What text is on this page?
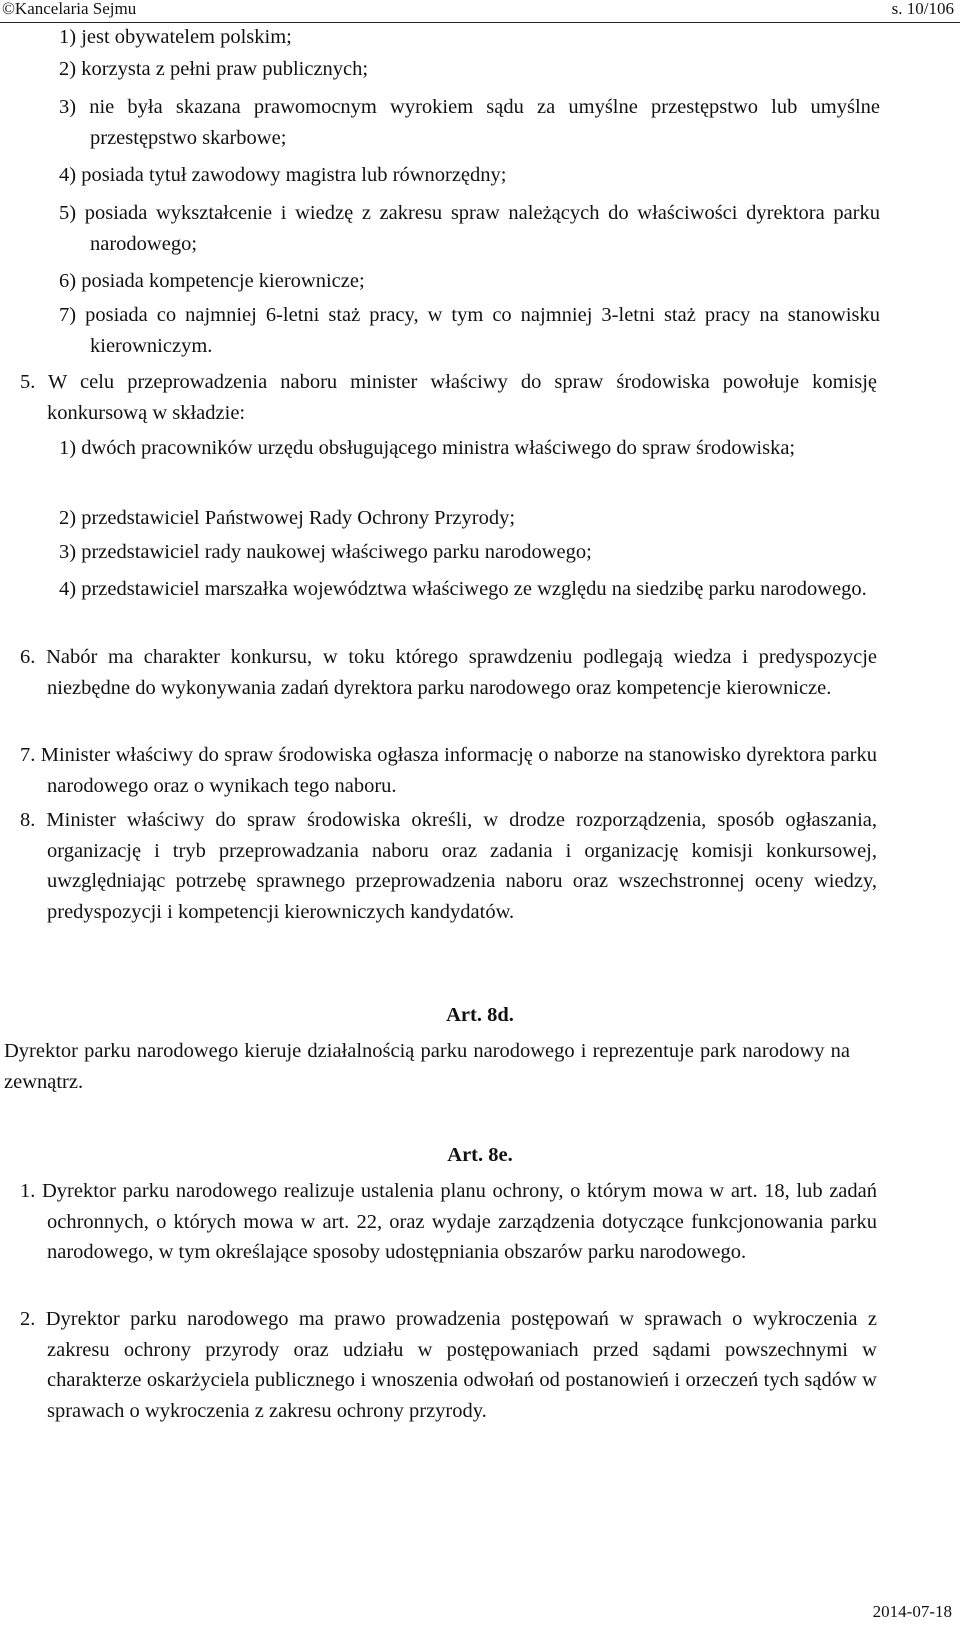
©Kancelaria Sejmu	s. 10/106

1) jest obywatelem polskim;

2) korzysta z pełni praw publicznych;

3) nie była skazana prawomocnym wyrokiem sądu za umyślne przestępstwo lub umyślne przestępstwo skarbowe;

4) posiada tytuł zawodowy magistra lub równorzędny;

5) posiada wykształcenie i wiedzę z zakresu spraw należących do właściwości dyrektora parku narodowego;

6) posiada kompetencje kierownicze;

7) posiada co najmniej 6-letni staż pracy, w tym co najmniej 3-letni staż pracy na stanowisku kierowniczym.

5. W celu przeprowadzenia naboru minister właściwy do spraw środowiska powołuje komisję konkursową w składzie:

1) dwóch pracowników urzędu obsługującego ministra właściwego do spraw środowiska;

2) przedstawiciel Państwowej Rady Ochrony Przyrody;

3) przedstawiciel rady naukowej właściwego parku narodowego;

4) przedstawiciel marszałka województwa właściwego ze względu na siedzibę parku narodowego.

6. Nabór ma charakter konkursu, w toku którego sprawdzeniu podlegają wiedza i predyspozycje niezbędne do wykonywania zadań dyrektora parku narodowego oraz kompetencje kierownicze.

7. Minister właściwy do spraw środowiska ogłasza informację o naborze na stanowisko dyrektora parku narodowego oraz o wynikach tego naboru.

8. Minister właściwy do spraw środowiska określi, w drodze rozporządzenia, sposób ogłaszania, organizację i tryb przeprowadzania naboru oraz zadania i organizację komisji konkursowej, uwzględniając potrzebę sprawnego przeprowadzenia naboru oraz wszechstronnej oceny wiedzy, predyspozycji i kompetencji kierowniczych kandydatów.

Art. 8d.

Dyrektor parku narodowego kieruje działalnością parku narodowego i reprezentuje park narodowy na zewnątrz.

Art. 8e.

1. Dyrektor parku narodowego realizuje ustalenia planu ochrony, o którym mowa w art. 18, lub zadań ochronnych, o których mowa w art. 22, oraz wydaje zarządzenia dotyczące funkcjonowania parku narodowego, w tym określające sposoby udostępniania obszarów parku narodowego.

2. Dyrektor parku narodowego ma prawo prowadzenia postępowań w sprawach o wykroczenia z zakresu ochrony przyrody oraz udziału w postępowaniach przed sądami powszechnymi w charakterze oskarżyciela publicznego i wnoszenia odwołań od postanowień i orzeczeń tych sądów w sprawach o wykroczenia z zakresu ochrony przyrody.

2014-07-18
